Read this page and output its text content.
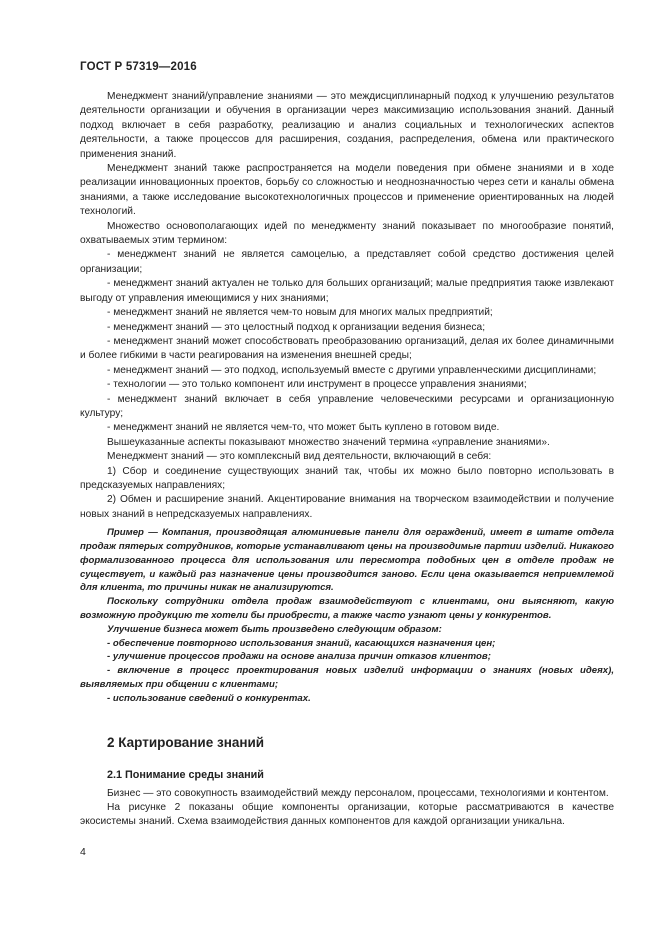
ГОСТ Р 57319—2016

Менеджмент знаний/управление знаниями — это междисциплинарный подход к улучшению результатов деятельности организации и обучения в организации через максимизацию использования знаний. Данный подход включает в себя разработку, реализацию и анализ социальных и технологических аспектов деятельности, а также процессов для расширения, создания, распределения, обмена или практического применения знаний.

Менеджмент знаний также распространяется на модели поведения при обмене знаниями и в ходе реализации инновационных проектов, борьбу со сложностью и неоднозначностью через сети и каналы обмена знаниями, а также исследование высокотехнологичных процессов и применение ориентированных на людей технологий.

Множество основополагающих идей по менеджменту знаний показывает по многообразие понятий, охватываемых этим термином:

- менеджмент знаний не является самоцелью, а представляет собой средство достижения целей организации;

- менеджмент знаний актуален не только для больших организаций; малые предприятия также извлекают выгоду от управления имеющимися у них знаниями;

- менеджмент знаний не является чем-то новым для многих малых предприятий;

- менеджмент знаний — это целостный подход к организации ведения бизнеса;

- менеджмент знаний может способствовать преобразованию организаций, делая их более динамичными и более гибкими в части реагирования на изменения внешней среды;

- менеджмент знаний — это подход, используемый вместе с другими управленческими дисциплинами;

- технологии — это только компонент или инструмент в процессе управления знаниями;

- менеджмент знаний включает в себя управление человеческими ресурсами и организационную культуру;

- менеджмент знаний не является чем-то, что может быть куплено в готовом виде.

Вышеуказанные аспекты показывают множество значений термина «управление знаниями».

Менеджмент знаний — это комплексный вид деятельности, включающий в себя:

1) Сбор и соединение существующих знаний так, чтобы их можно было повторно использовать в предсказуемых направлениях;

2) Обмен и расширение знаний. Акцентирование внимания на творческом взаимодействии и получение новых знаний в непредсказуемых направлениях.

Пример — Компания, производящая алюминиевые панели для ограждений, имеет в штате отдела продаж пятерых сотрудников, которые устанавливают цены на производимые партии изделий. Никакого формализованного процесса для использования или пересмотра подобных цен в отделе продаж не существует, и каждый раз назначение цены производится заново. Если цена оказывается неприемлемой для клиента, то причины никак не анализируются.

Поскольку сотрудники отдела продаж взаимодействуют с клиентами, они выясняют, какую возможную продукцию те хотели бы приобрести, а также часто узнают цены у конкурентов.

Улучшение бизнеса может быть произведено следующим образом:

- обеспечение повторного использования знаний, касающихся назначения цен;

- улучшение процессов продажи на основе анализа причин отказов клиентов;

- включение в процесс проектирования новых изделий информации о знаниях (новых идеях), выявляемых при общении с клиентами;

- использование сведений о конкурентах.

2 Картирование знаний
2.1 Понимание среды знаний

Бизнес — это совокупность взаимодействий между персоналом, процессами, технологиями и контентом.

На рисунке 2 показаны общие компоненты организации, которые рассматриваются в качестве экосистемы знаний. Схема взаимодействия данных компонентов для каждой организации уникальна.

4
